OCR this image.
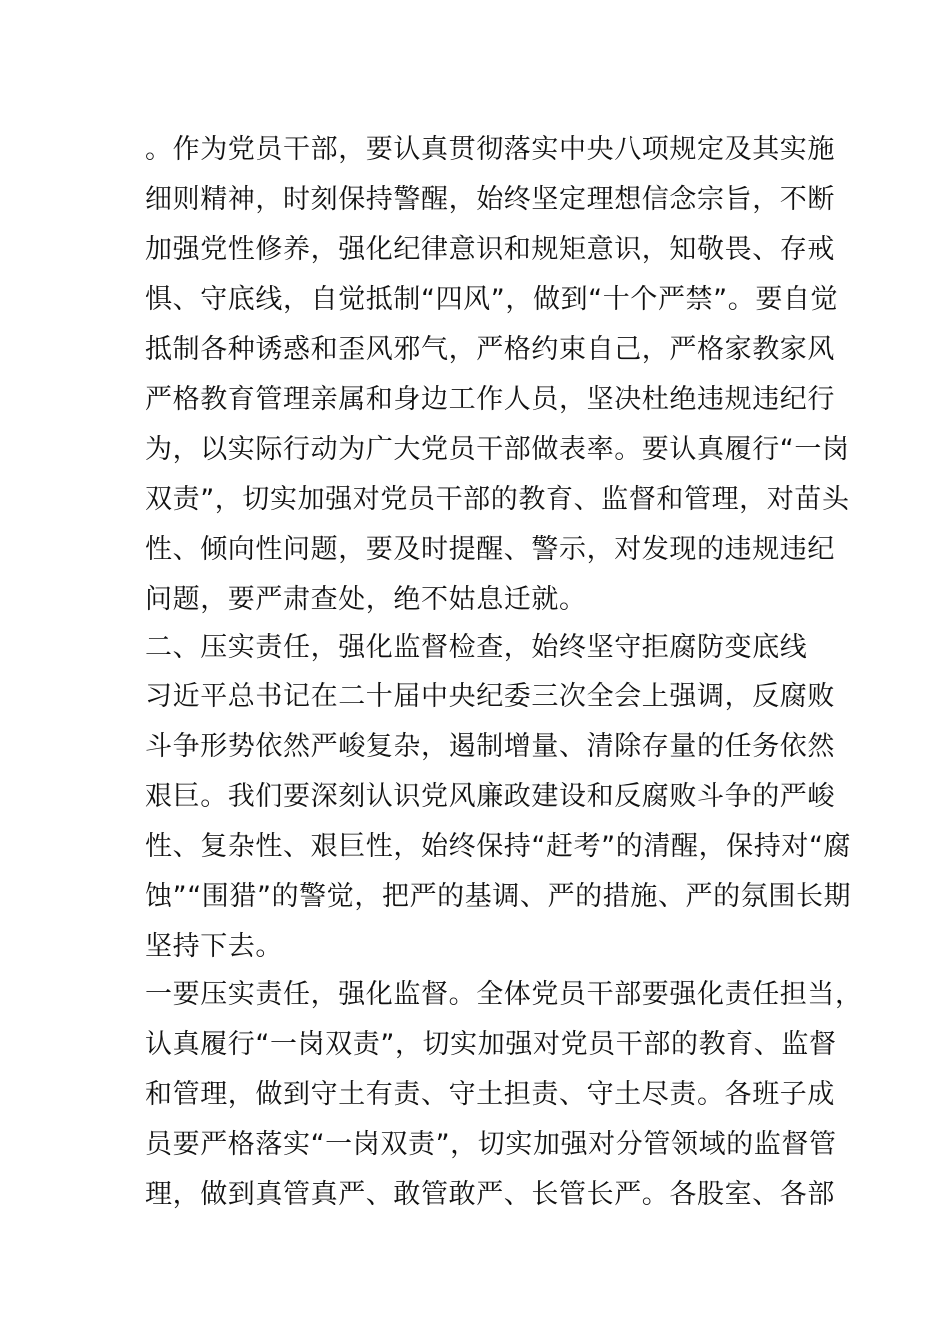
。作为党员干部，要认真贯彻落实中央八项规定及其实施
细则精神，时刻保持警醒，始终坚定理想信念宗旨，不断
加强党性修养，强化纪律意识和规矩意识，知敬畏、存戒
惧、守底线，自觉抵制“四风”，做到“十个严禁”。要自觉
抵制各种诱惑和歪风邪气，严格约束自己，严格家教家风
严格教育管理亲属和身边工作人员，坚决杜绝违规违纪行
为，以实际行动为广大党员干部做表率。要认真履行“一岗
双责”，切实加强对党员干部的教育、监督和管理，对苗头
性、倾向性问题，要及时提醒、警示，对发现的违规违纪
问题，要严肃查处，绝不姑息迁就。
二、压实责任，强化监督检查，始终坚守拒腐防变底线
习近平总书记在二十届中央纪委三次全会上强调，反腐败
斗争形势依然严峻复杂，遏制增量、清除存量的任务依然
艰巨。我们要深刻认识党风廉政建设和反腐败斗争的严峻
性、复杂性、艰巨性，始终保持“赶考”的清醒，保持对“腐
蚀”“围猎”的警觉，把严的基调、严的措施、严的氛围长期
坚持下去。
一要压实责任，强化监督。全体党员干部要强化责任担当，
认真履行“一岗双责”，切实加强对党员干部的教育、监督
和管理，做到守土有责、守土担责、守土尽责。各班子成
员要严格落实“一岗双责”，切实加强对分管领域的监督管
理，做到真管真严、敢管敢严、长管长严。各股室、各部
